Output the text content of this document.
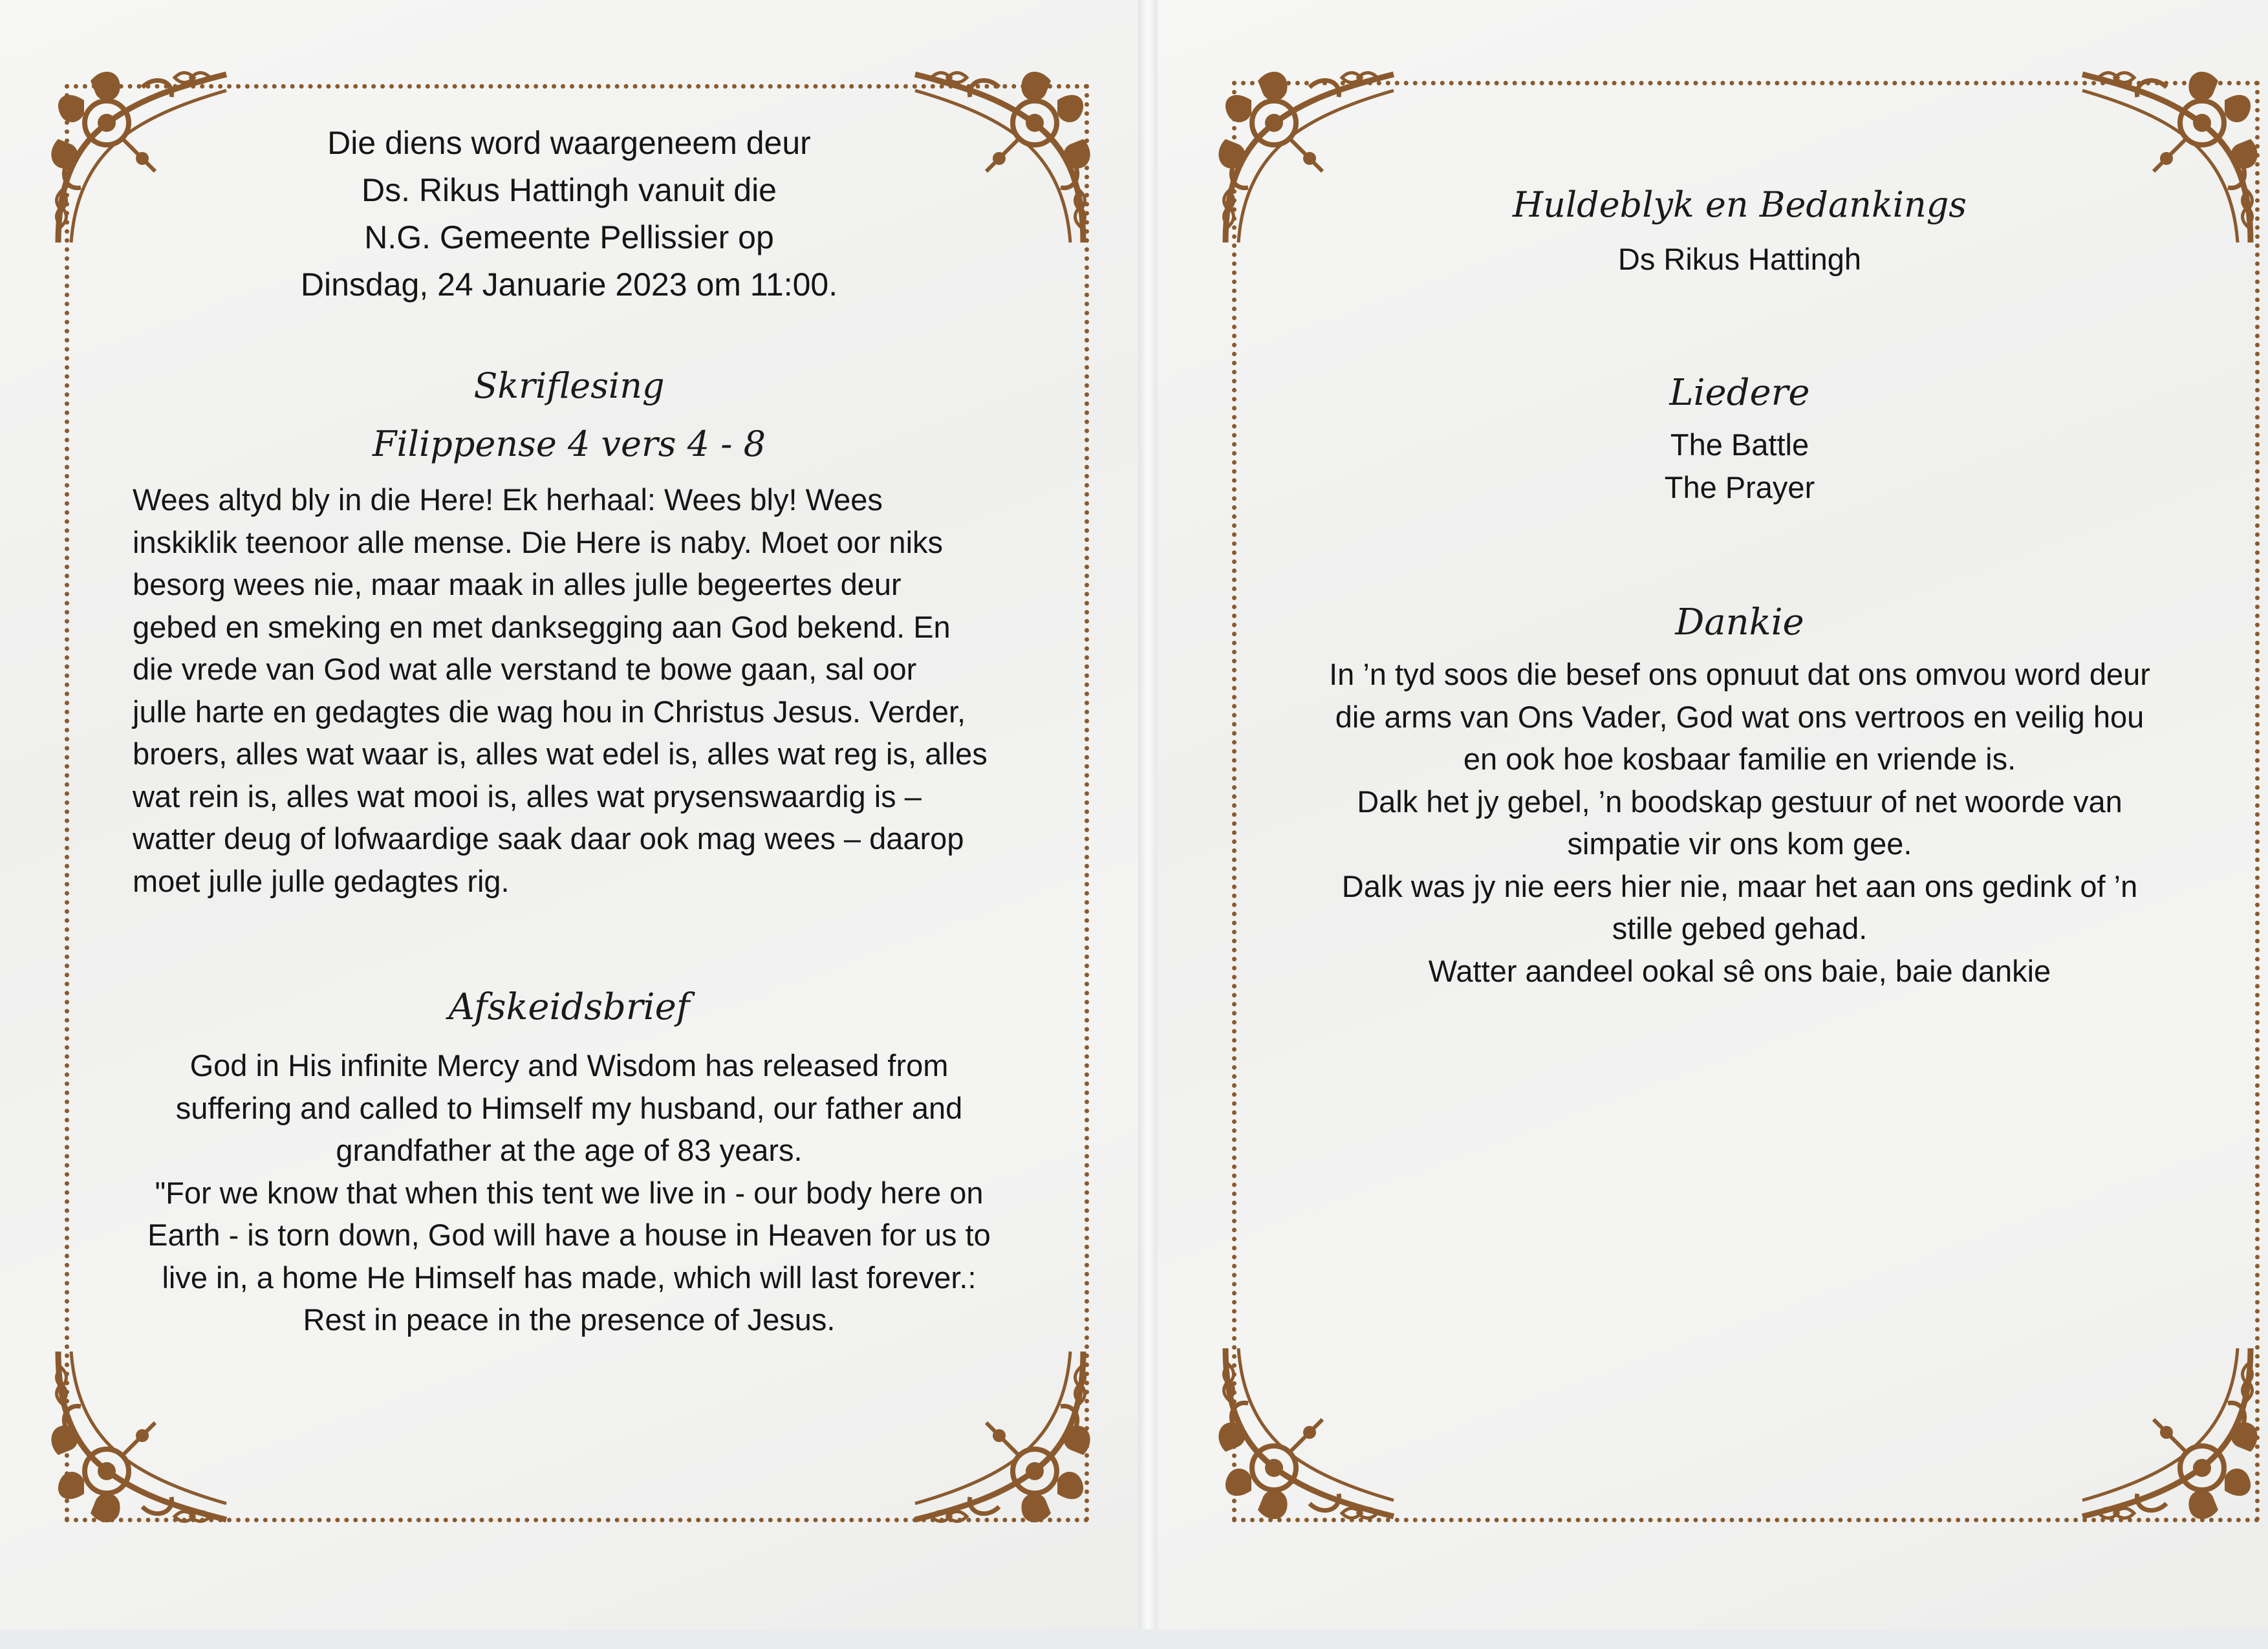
Die diens word waargeneem deur
Ds. Rikus Hattingh vanuit die
N.G. Gemeente Pellissier op
Dinsdag, 24 Januarie 2023 om 11:00.
Skriflesing
Filippense 4 vers 4 - 8
Wees altyd bly in die Here! Ek herhaal: Wees bly! Wees
inskiklik teenoor alle mense. Die Here is naby. Moet oor niks
besorg wees nie, maar maak in alles julle begeertes deur
gebed en smeking en met danksegging aan God bekend. En
die vrede van God wat alle verstand te bowe gaan, sal oor
julle harte en gedagtes die wag hou in Christus Jesus. Verder,
broers, alles wat waar is, alles wat edel is, alles wat reg is, alles
wat rein is, alles wat mooi is, alles wat prysenswaardig is –
watter deug of lofwaardige saak daar ook mag wees – daarop
moet julle julle gedagtes rig.
Afskeidsbrief
God in His infinite Mercy and Wisdom has released from
suffering and called to Himself my husband, our father and
grandfather at the age of 83 years.
"For we know that when this tent we live in - our body here on
Earth - is torn down, God will have a house in Heaven for us to
live in, a home He Himself has made, which will last forever.:
Rest in peace in the presence of Jesus.
Huldeblyk en Bedankings
Ds Rikus Hattingh
Liedere
The Battle
The Prayer
Dankie
In ’n tyd soos die besef ons opnuut dat ons omvou word deur
die arms van Ons Vader, God wat ons vertroos en veilig hou
en ook hoe kosbaar familie en vriende is.
Dalk het jy gebel, ’n boodskap gestuur of net woorde van
simpatie vir ons kom gee.
Dalk was jy nie eers hier nie, maar het aan ons gedink of ’n
stille gebed gehad.
Watter aandeel ookal sê ons baie, baie dankie
